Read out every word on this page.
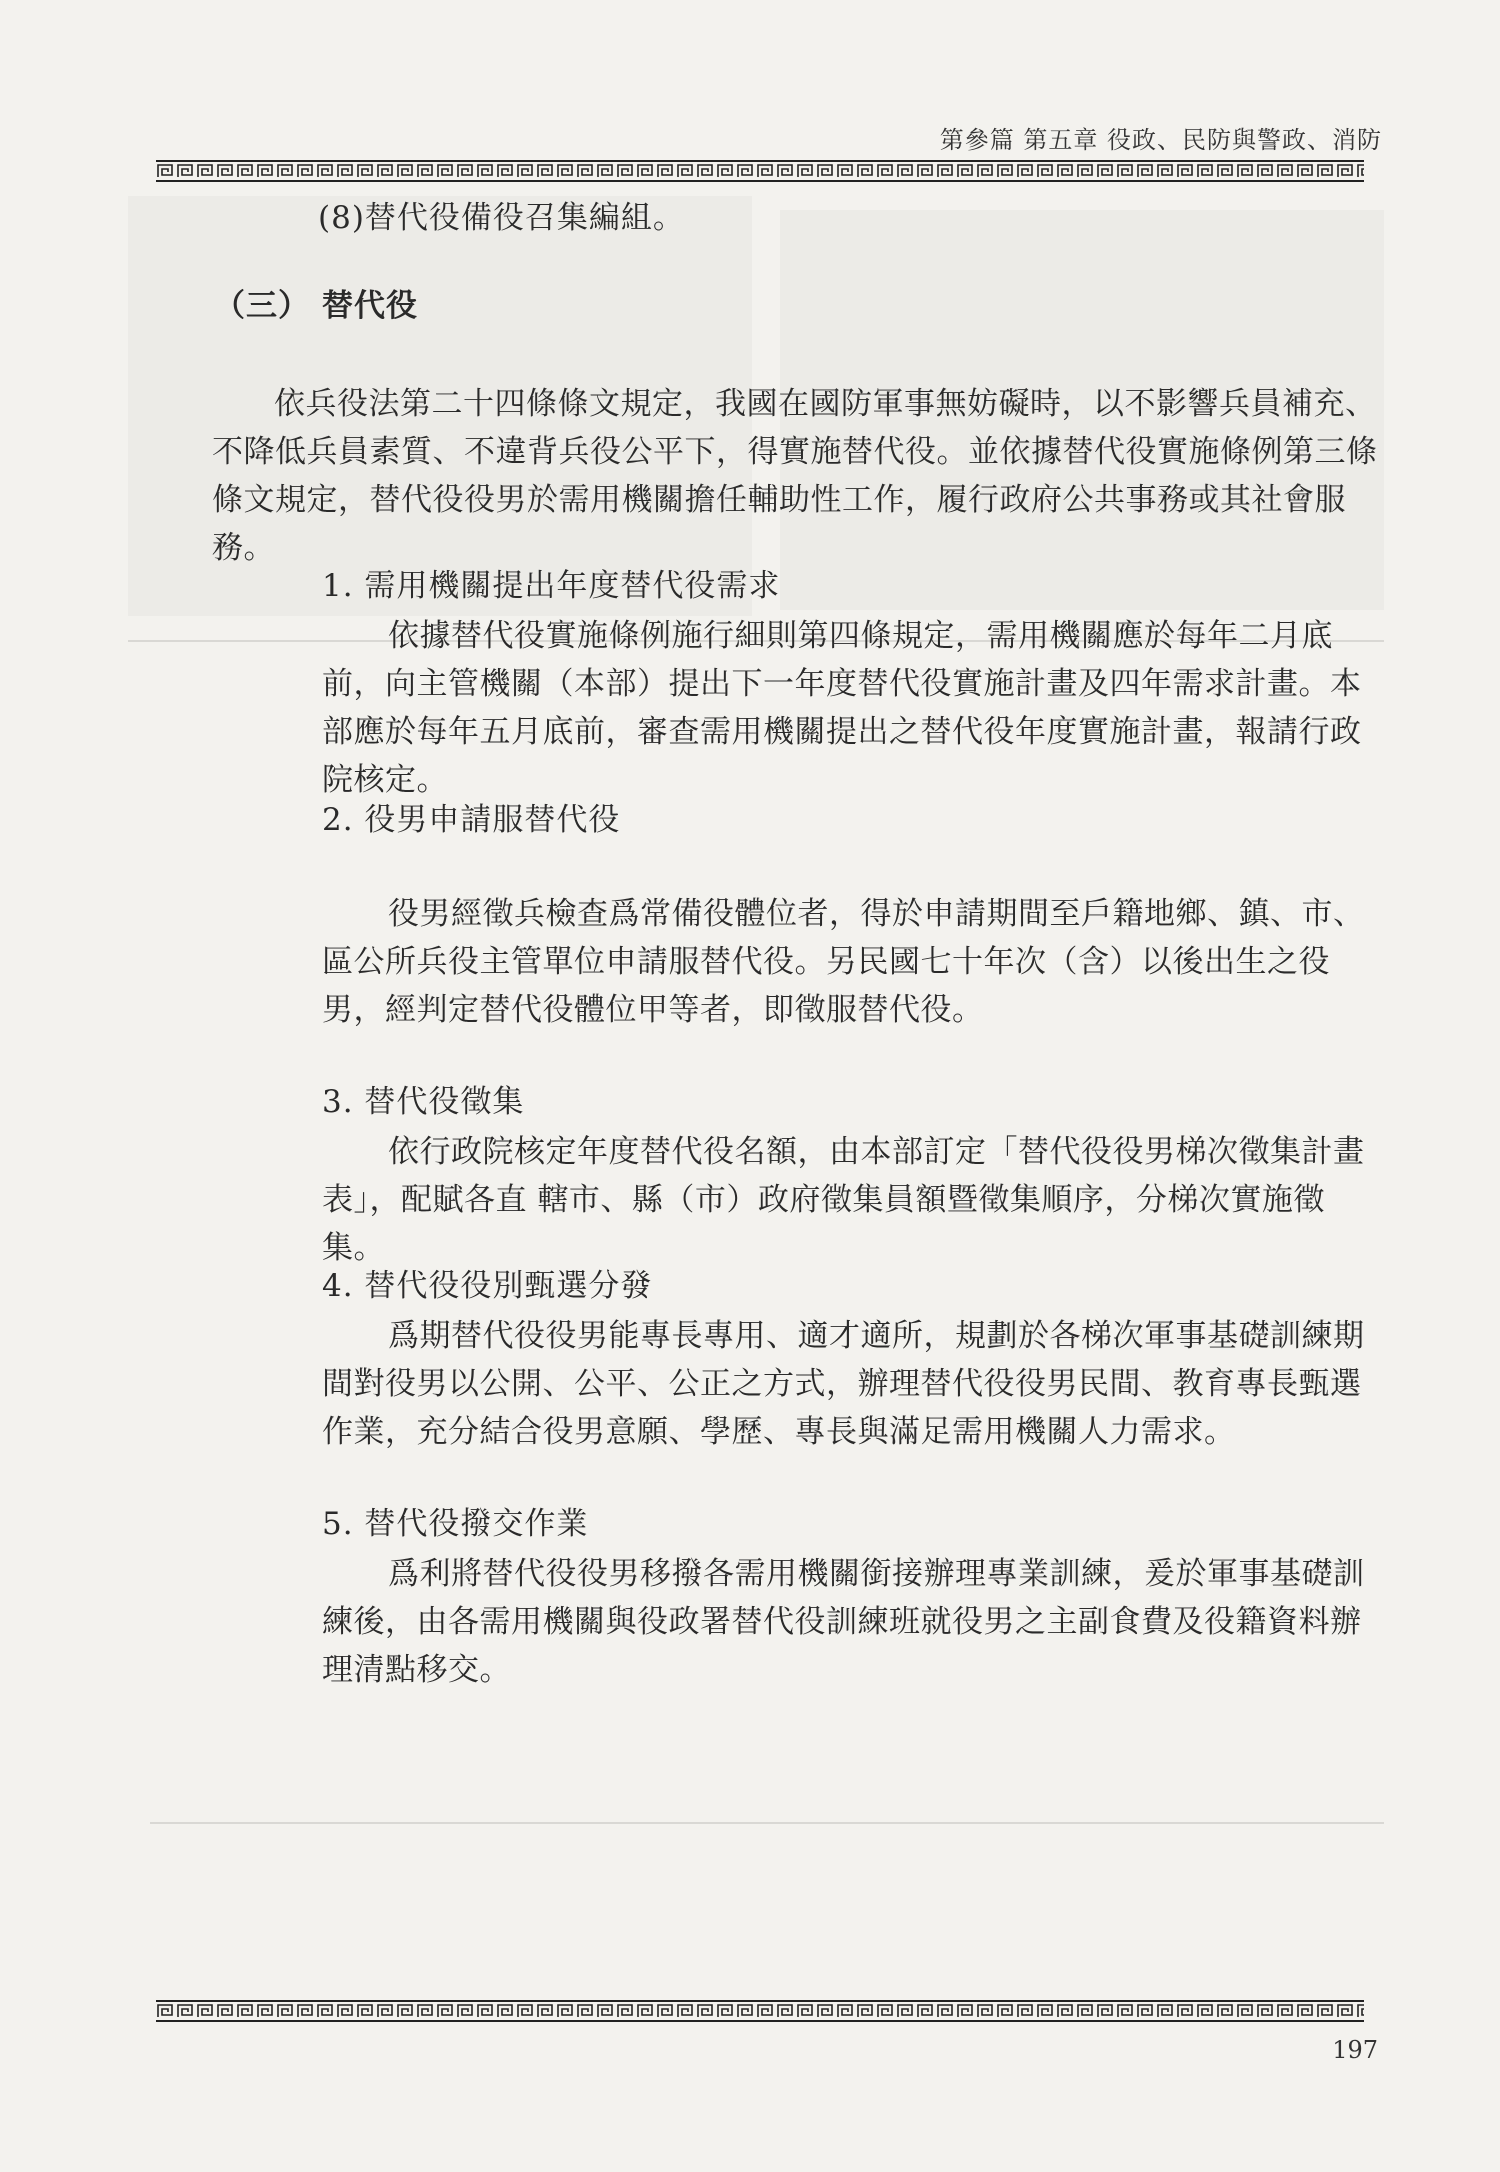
第參篇 第五章 役政、民防與警政、消防
(8)替代役備役召集編組。
（三） 替代役
依兵役法第二十四條條文規定，我國在國防軍事無妨礙時，以不影響兵員補充、不降低兵員素質、不違背兵役公平下，得實施替代役。並依據替代役實施條例第三條條文規定，替代役役男於需用機關擔任輔助性工作，履行政府公共事務或其社會服務。
1. 需用機關提出年度替代役需求
依據替代役實施條例施行細則第四條規定，需用機關應於每年二月底前，向主管機關（本部）提出下一年度替代役實施計畫及四年需求計畫。本部應於每年五月底前，審查需用機關提出之替代役年度實施計畫，報請行政院核定。
2. 役男申請服替代役
役男經徵兵檢查爲常備役體位者，得於申請期間至戶籍地鄉、鎮、市、區公所兵役主管單位申請服替代役。另民國七十年次（含）以後出生之役男，經判定替代役體位甲等者，即徵服替代役。
3. 替代役徵集
依行政院核定年度替代役名額，由本部訂定「替代役役男梯次徵集計畫表」，配賦各直 轄市、縣（市）政府徵集員額暨徵集順序，分梯次實施徵集。
4. 替代役役別甄選分發
爲期替代役役男能專長專用、適才適所，規劃於各梯次軍事基礎訓練期間對役男以公開、公平、公正之方式，辦理替代役役男民間、教育專長甄選作業，充分結合役男意願、學歷、專長與滿足需用機關人力需求。
5. 替代役撥交作業
爲利將替代役役男移撥各需用機關銜接辦理專業訓練，爰於軍事基礎訓練後，由各需用機關與役政署替代役訓練班就役男之主副食費及役籍資料辦理清點移交。
197
